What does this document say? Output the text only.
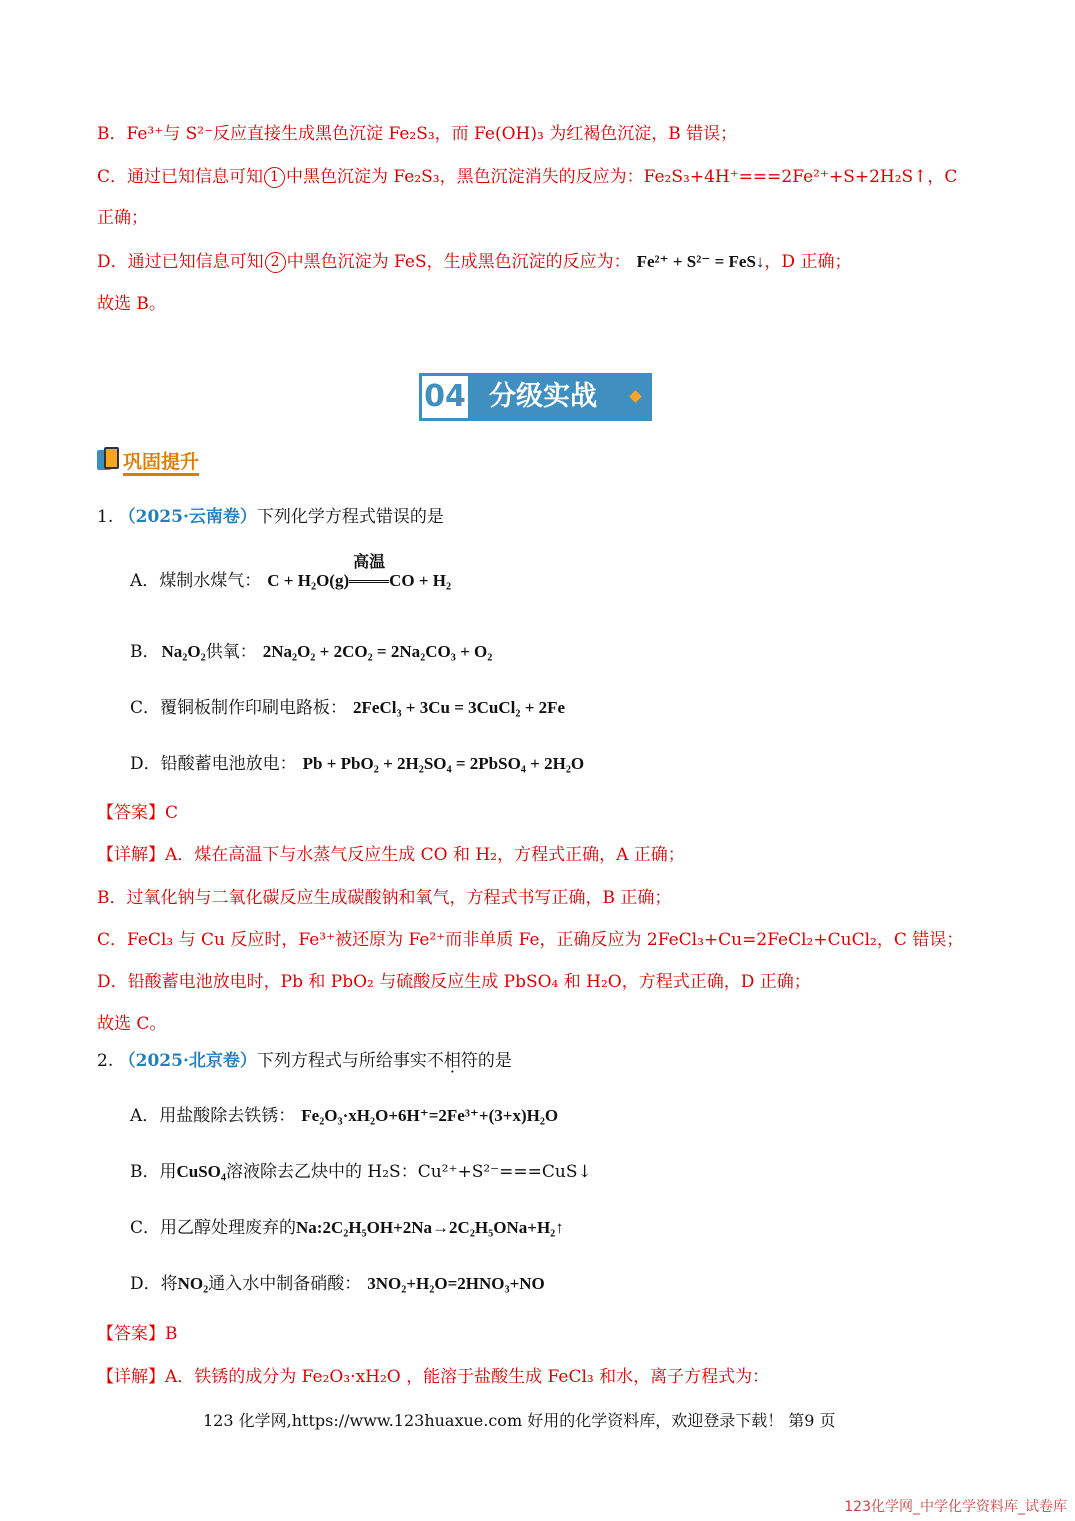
B．Fe³⁺与 S²⁻反应直接生成黑色沉淀 Fe₂S₃，而 Fe(OH)₃ 为红褐色沉淀，B 错误；
C．通过已知信息可知 1 中黑色沉淀为 Fe₂S₃，黑色沉淀消失的反应为：Fe₂S₃+4H⁺===2Fe²⁺+S+2H₂S↑，C
正确；
D．通过已知信息可知 2 中黑色沉淀为 FeS，生成黑色沉淀的反应为： Fe²⁺ + S²⁻ = FeS↓，D 正确；
故选 B。
04 分级实战
巩固提升
1. （2025·云南卷）下列化学方程式错误的是
A．煤制水煤气： C + H₂O(g)
高温
CO + H₂
B． Na₂O₂供氧： 2Na₂O₂ + 2CO₂ = 2Na₂CO₃ + O₂
C．覆铜板制作印刷电路板： 2FeCl₃ + 3Cu = 3CuCl₂ + 2Fe
D．铅酸蓄电池放电： Pb + PbO₂ + 2H₂SO₄ = 2PbSO₄ + 2H₂O
【答案】C
【详解】A．煤在高温下与水蒸气反应生成 CO 和 H₂，方程式正确，A 正确；
B．过氧化钠与二氧化碳反应生成碳酸钠和氧气，方程式书写正确，B 正确；
C．FeCl₃ 与 Cu 反应时，Fe³⁺被还原为 Fe²⁺而非单质 Fe，正确反应为 2FeCl₃+Cu=2FeCl₂+CuCl₂，C 错误；
D．铅酸蓄电池放电时，Pb 和 PbO₂ 与硫酸反应生成 PbSO₄ 和 H₂O，方程式正确，D 正确；
故选 C。
2. （2025·北京卷）下列方程式与所给事实不相符的是
A．用盐酸除去铁锈： Fe₂O₃·xH₂O+6H⁺=2Fe³⁺+(3+x)H₂O
B．用CuSO₄溶液除去乙炔中的 H₂S：Cu²⁺+S²⁻===CuS↓
C．用乙醇处理废弃的Na:2C₂H₅OH+2Na→2C₂H₅ONa+H₂↑
D．将NO₂通入水中制备硝酸： 3NO₂+H₂O=2HNO₃+NO
【答案】B
【详解】A．铁锈的成分为 Fe₂O₃·xH₂O ，能溶于盐酸生成 FeCl₃ 和水，离子方程式为：
123 化学网,https://www.123huaxue.com 好用的化学资料库，欢迎登录下载！ 第9 页
123化学网_中学化学资料库_试卷库
